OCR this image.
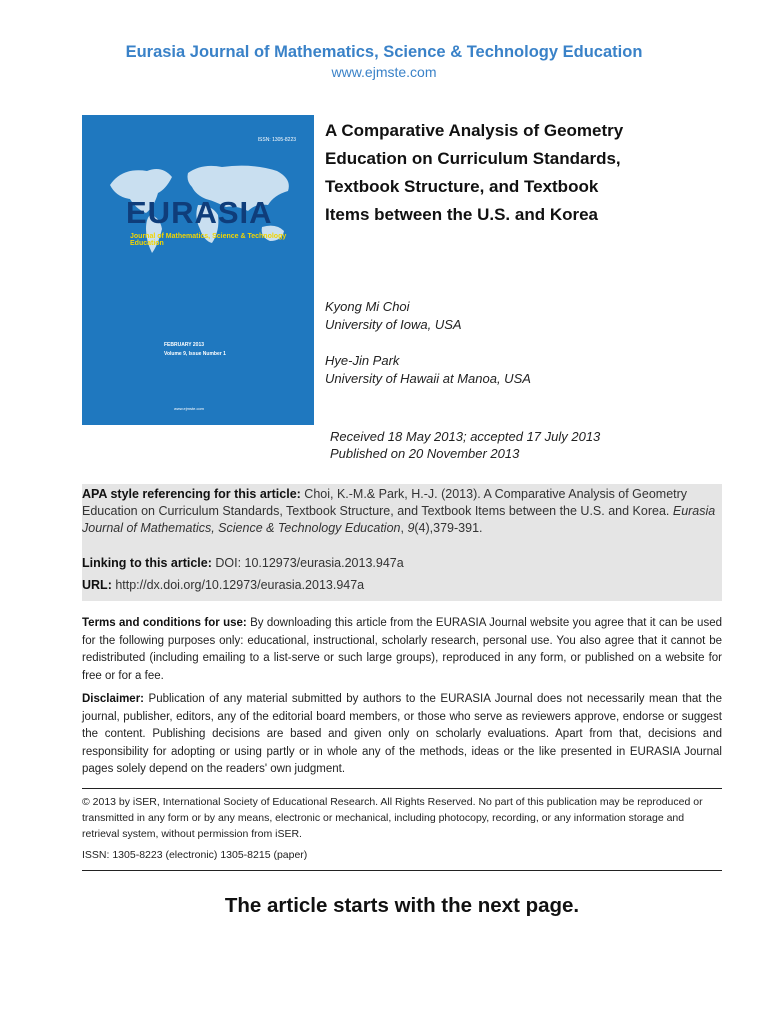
Eurasia Journal of Mathematics, Science & Technology Education
www.ejmste.com
ISSN: 1305-8223
EURASIA
Journal of Mathematics, Science & Technology Education
FEBRUARY 2013
Volume 9, Issue Number 1
www.ejmste.com
A Comparative Analysis of Geometry
Education on Curriculum Standards,
Textbook Structure, and Textbook
Items between the U.S. and Korea
Kyong Mi Choi
University of Iowa, USA
Hye-Jin Park
University of Hawaii at Manoa, USA
Received 18 May 2013; accepted 17 July 2013
Published on 20 November 2013
APA style referencing for this article: Choi, K.-M.& Park, H.-J. (2013). A Comparative Analysis of Geometry Education on Curriculum Standards, Textbook Structure, and Textbook Items between the U.S. and Korea. Eurasia Journal of Mathematics, Science & Technology Education, 9(4),379-391.
Linking to this article: DOI: 10.12973/eurasia.2013.947a
URL: http://dx.doi.org/10.12973/eurasia.2013.947a

Terms and conditions for use: By downloading this article from the EURASIA Journal website you agree that it can be used for the following purposes only: educational, instructional, scholarly research, personal use. You also agree that it cannot be redistributed (including emailing to a list-serve or such large groups), reproduced in any form, or published on a website for free or for a fee.

Disclaimer: Publication of any material submitted by authors to the EURASIA Journal does not necessarily mean that the journal, publisher, editors, any of the editorial board members, or those who serve as reviewers approve, endorse or suggest the content. Publishing decisions are based and given only on scholarly evaluations. Apart from that, decisions and responsibility for adopting or using partly or in whole any of the methods, ideas or the like presented in EURASIA Journal pages solely depend on the readers' own judgment.

© 2013 by iSER, International Society of Educational Research. All Rights Reserved. No part of this publication may be reproduced or transmitted in any form or by any means, electronic or mechanical, including photocopy, recording, or any information storage and retrieval system, without permission from iSER.
ISSN: 1305-8223 (electronic) 1305-8215 (paper)
The article starts with the next page.
